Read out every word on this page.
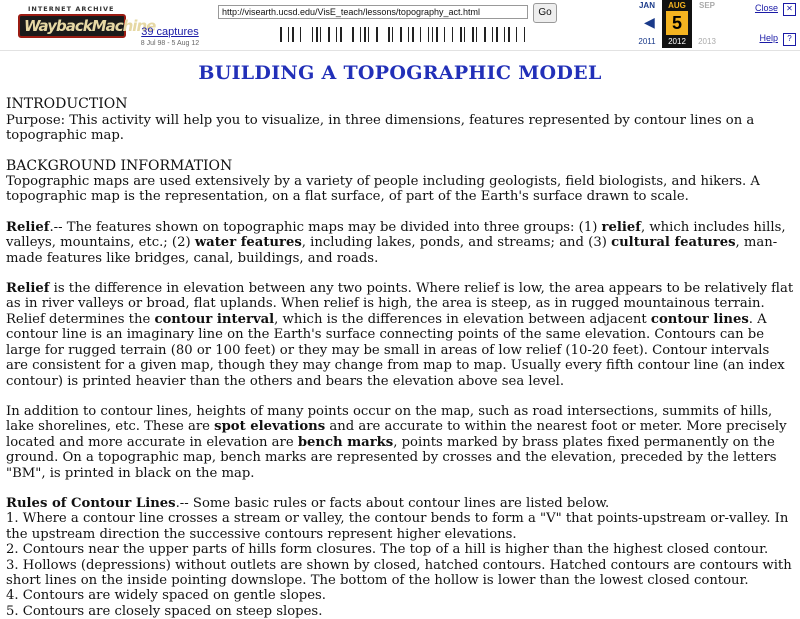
INTERNET ARCHIVE
WaybackMachine
39 captures
8 Jul 98 - 5 Aug 12
http://visearth.ucsd.edu/VisE_teach/lessons/topography_act.html	Go
JAN	AUG
5
SEP
◀
2011	2012	2013
Close	✕
Help	?
BUILDING A TOPOGRAPHIC MODEL
INTRODUCTION
Purpose: This activity will help you to visualize, in three dimensions, features represented by contour lines on a topographic map.
BACKGROUND INFORMATION
Topographic maps are used extensively by a variety of people including geologists, field biologists, and hikers. A topographic map is the representation, on a flat surface, of part of the Earth's surface drawn to scale.

Relief.-- The features shown on topographic maps may be divided into three groups: (1) relief, which includes hills, valleys, mountains, etc.; (2) water features, including lakes, ponds, and streams; and (3) cultural features, man-made features like bridges, canal, buildings, and roads.

Relief is the difference in elevation between any two points. Where relief is low, the area appears to be relatively flat as in river valleys or broad, flat uplands. When relief is high, the area is steep, as in rugged mountainous terrain. Relief determines the contour interval, which is the differences in elevation between adjacent contour lines. A contour line is an imaginary line on the Earth's surface connecting points of the same elevation. Contours can be large for rugged terrain (80 or 100 feet) or they may be small in areas of low relief (10-20 feet). Contour intervals are consistent for a given map, though they may change from map to map. Usually every fifth contour line (an index contour) is printed heavier than the others and bears the elevation above sea level.

In addition to contour lines, heights of many points occur on the map, such as road intersections, summits of hills, lake shorelines, etc. These are spot elevations and are accurate to within the nearest foot or meter. More precisely located and more accurate in elevation are bench marks, points marked by brass plates fixed permanently on the ground. On a topographic map, bench marks are represented by crosses and the elevation, preceded by the letters "BM", is printed in black on the map.

Rules of Contour Lines.-- Some basic rules or facts about contour lines are listed below.
1. Where a contour line crosses a stream or valley, the contour bends to form a "V" that points-upstream or-valley. In the upstream direction the successive contours represent higher elevations.
2. Contours near the upper parts of hills form closures. The top of a hill is higher than the highest closed contour.
3. Hollows (depressions) without outlets are shown by closed, hatched contours. Hatched contours are contours with short lines on the inside pointing downslope. The bottom of the hollow is lower than the lowest closed contour.
4. Contours are widely spaced on gentle slopes.
5. Contours are closely spaced on steep slopes.
